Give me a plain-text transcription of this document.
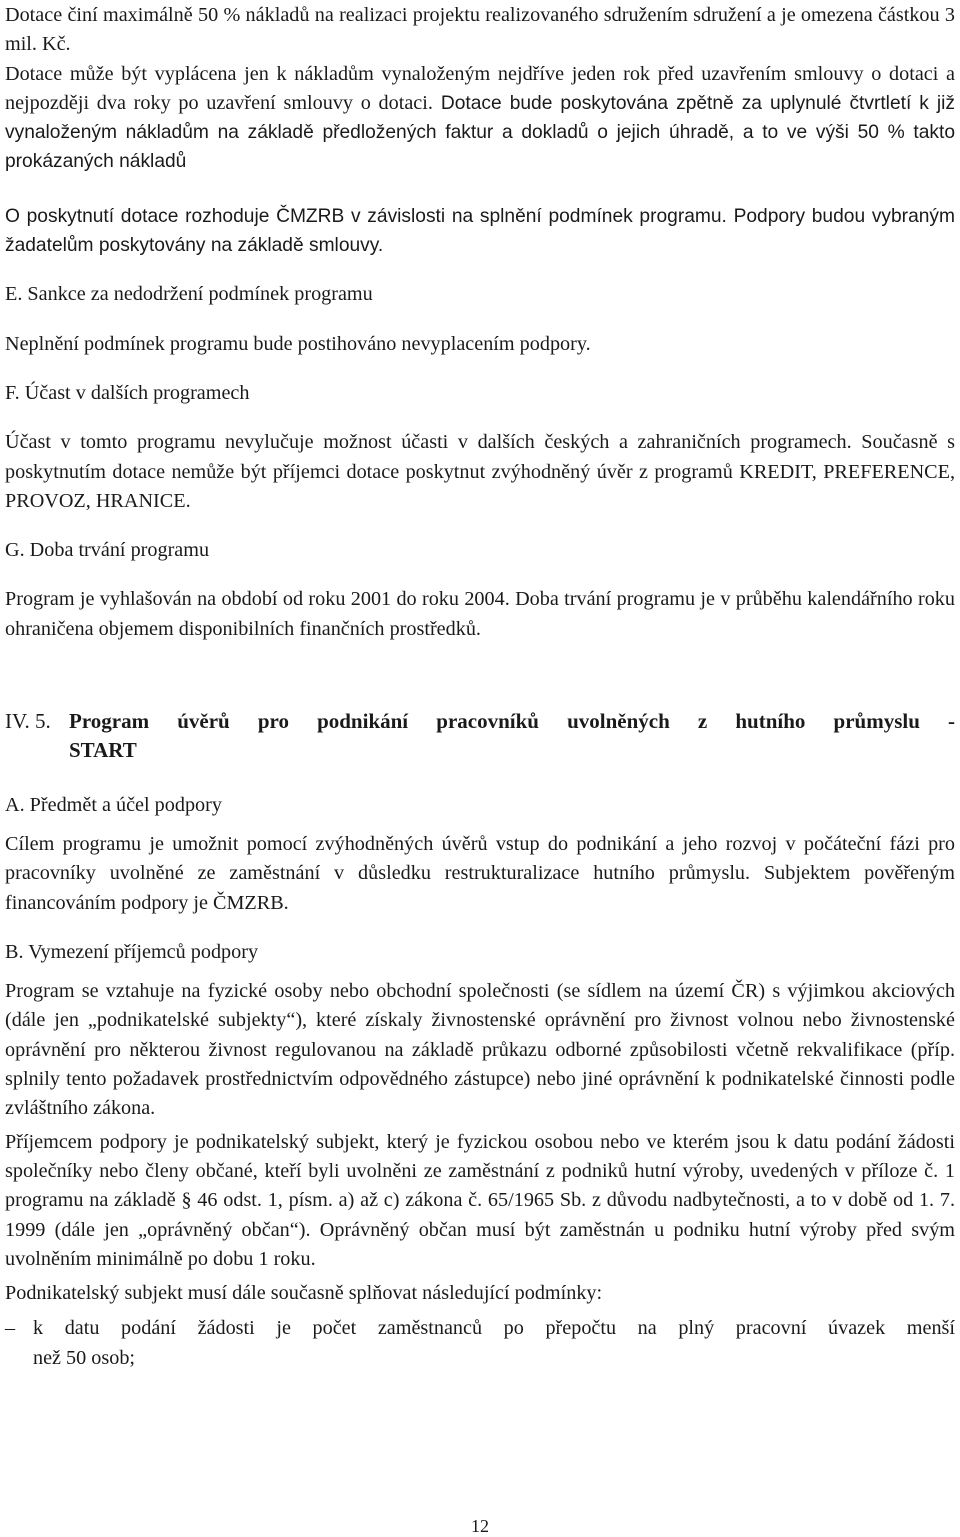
Dotace činí maximálně 50 % nákladů na realizaci projektu realizovaného sdružením sdružení a je omezena částkou 3 mil. Kč.

Dotace může být vyplácena jen k nákladům vynaloženým nejdříve jeden rok před uzavřením smlouvy o dotaci a nejpozději dva roky po uzavření smlouvy o dotaci. Dotace bude poskytována zpětně za uplynulé čtvrtletí k již vynaloženým nákladům na základě předložených faktur a dokladů o jejich úhradě, a to ve výši 50 % takto prokázaných nákladů

O poskytnutí dotace rozhoduje ČMZRB v závislosti na splnění podmínek programu. Podpory budou vybraným žadatelům poskytovány na základě smlouvy.

E. Sankce za nedodržení podmínek programu

Neplnění podmínek programu bude postihováno nevyplacením podpory.

F. Účast v dalších programech

Účast v tomto programu nevylučuje možnost účasti v dalších českých a zahraničních programech. Současně s poskytnutím dotace nemůže být příjemci dotace poskytnut zvýhodněný úvěr z programů KREDIT, PREFERENCE, PROVOZ, HRANICE.

G. Doba trvání programu

Program je vyhlašován na období od roku 2001 do roku 2004. Doba trvání programu je v průběhu kalendářního roku ohraničena objemem disponibilních finančních prostředků.

IV. 5. Program úvěrů pro podnikání pracovníků uvolněných z hutního průmyslu -
START

A. Předmět a účel podpory

Cílem programu je umožnit pomocí zvýhodněných úvěrů vstup do podnikání a jeho rozvoj v počáteční fázi pro pracovníky uvolněné ze zaměstnání v důsledku restrukturalizace hutního průmyslu. Subjektem pověřeným financováním podpory je ČMZRB.

B. Vymezení příjemců podpory

Program se vztahuje na fyzické osoby nebo obchodní společnosti (se sídlem na území ČR) s výjimkou akciových (dále jen „podnikatelské subjekty“), které získaly živnostenské oprávnění pro živnost volnou nebo živnostenské oprávnění pro některou živnost regulovanou na základě průkazu odborné způsobilosti včetně rekvalifikace (příp. splnily tento požadavek prostřednictvím odpovědného zástupce) nebo jiné oprávnění k podnikatelské činnosti podle zvláštního zákona.

Příjemcem podpory je podnikatelský subjekt, který je fyzickou osobou nebo ve kterém jsou k datu podání žádosti společníky nebo členy občané, kteří byli uvolněni ze zaměstnání z podniků hutní výroby, uvedených v příloze č. 1 programu na základě § 46 odst. 1, písm. a) až c) zákona č. 65/1965 Sb. z důvodu nadbytečnosti, a to v době od 1. 7. 1999 (dále jen „oprávněný občan“). Oprávněný občan musí být zaměstnán u podniku hutní výroby před svým uvolněním minimálně po dobu 1 roku.

Podnikatelský subjekt musí dále současně splňovat následující podmínky:

– k datu podání žádosti je počet zaměstnanců po přepočtu na plný pracovní úvazek menší
než 50 osob;
12
